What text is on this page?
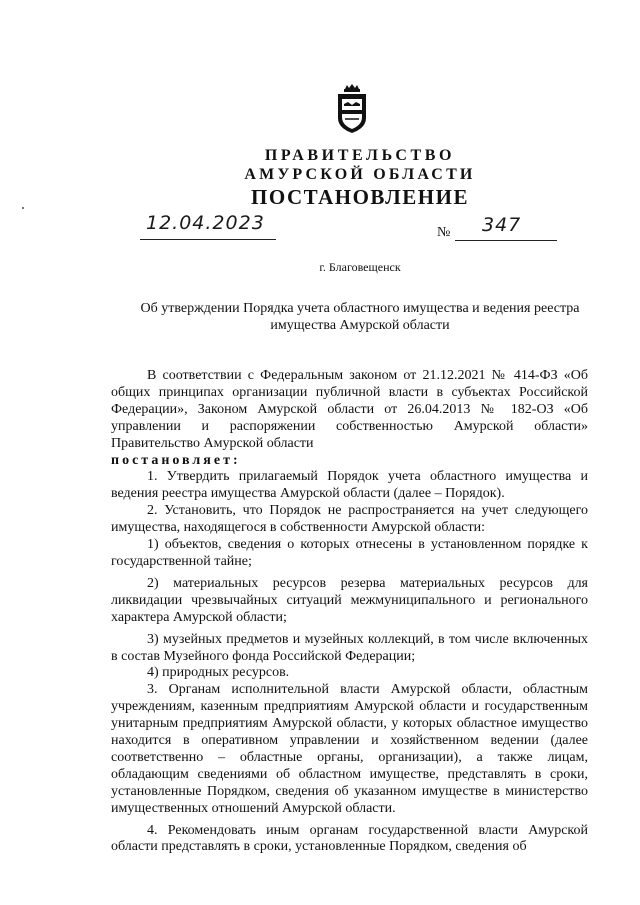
ПРАВИТЕЛЬСТВО
АМУРСКОЙ ОБЛАСТИ
ПОСТАНОВЛЕНИЕ
12.04.2023	№ 347
г. Благовещенск
Об утверждении Порядка учета областного имущества и ведения реестра имущества Амурской области

В соответствии с Федеральным законом от 21.12.2021 № 414-ФЗ «Об общих принципах организации публичной власти в субъектах Российской Федерации», Законом Амурской области от 26.04.2013 № 182-ОЗ «Об управлении и распоряжении собственностью Амурской области» Правительство Амурской области

постановляет:

1. Утвердить прилагаемый Порядок учета областного имущества и ведения реестра имущества Амурской области (далее – Порядок).

2. Установить, что Порядок не распространяется на учет следующего имущества, находящегося в собственности Амурской области:

1) объектов, сведения о которых отнесены в установленном порядке к государственной тайне;

2) материальных ресурсов резерва материальных ресурсов для ликвидации чрезвычайных ситуаций межмуниципального и регионального характера Амурской области;

3) музейных предметов и музейных коллекций, в том числе включенных в состав Музейного фонда Российской Федерации;

4) природных ресурсов.

3. Органам исполнительной власти Амурской области, областным учреждениям, казенным предприятиям Амурской области и государственным унитарным предприятиям Амурской области, у которых областное имущество находится в оперативном управлении и хозяйственном ведении (далее соответственно – областные органы, организации), а также лицам, обладающим сведениями об областном имуществе, представлять в сроки, установленные Порядком, сведения об указанном имуществе в министерство имущественных отношений Амурской области.

4. Рекомендовать иным органам государственной власти Амурской области представлять в сроки, установленные Порядком, сведения об
